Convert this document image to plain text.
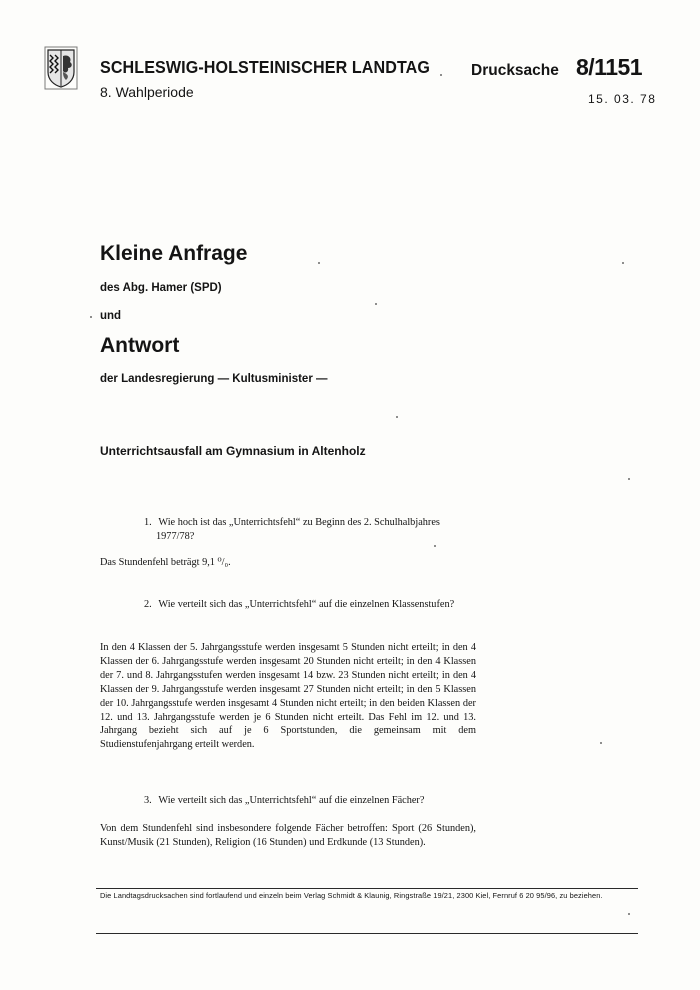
SCHLESWIG-HOLSTEINISCHER LANDTAG
8. Wahlperiode
Drucksache 8/1151
15. 03. 78
Kleine Anfrage
des Abg. Hamer (SPD)
und
Antwort
der Landesregierung — Kultusminister —
Unterrichtsausfall am Gymnasium in Altenholz
1. Wie hoch ist das „Unterrichtsfehl“ zu Beginn des 2. Schulhalbjahres 1977/78?
Das Stundenfehl beträgt 9,1 ⁰/₀.
2. Wie verteilt sich das „Unterrichtsfehl“ auf die einzelnen Klassenstufen?
In den 4 Klassen der 5. Jahrgangsstufe werden insgesamt 5 Stunden nicht erteilt; in den 4 Klassen der 6. Jahrgangsstufe werden insgesamt 20 Stunden nicht erteilt; in den 4 Klassen der 7. und 8. Jahrgangsstufen werden insgesamt 14 bzw. 23 Stunden nicht erteilt; in den 4 Klassen der 9. Jahrgangsstufe werden insgesamt 27 Stunden nicht erteilt; in den 5 Klassen der 10. Jahrgangsstufe werden insgesamt 4 Stunden nicht erteilt; in den beiden Klassen der 12. und 13. Jahrgangsstufe werden je 6 Stunden nicht erteilt. Das Fehl im 12. und 13. Jahrgang bezieht sich auf je 6 Sportstunden, die gemeinsam mit dem Studienstufenjahrgang erteilt werden.
3. Wie verteilt sich das „Unterrichtsfehl“ auf die einzelnen Fächer?
Von dem Stundenfehl sind insbesondere folgende Fächer betroffen: Sport (26 Stunden), Kunst/Musik (21 Stunden), Religion (16 Stunden) und Erdkunde (13 Stunden).
Die Landtagsdrucksachen sind fortlaufend und einzeln beim Verlag Schmidt & Klaunig, Ringstraße 19/21, 2300 Kiel, Fernruf 6 20 95/96, zu beziehen.
